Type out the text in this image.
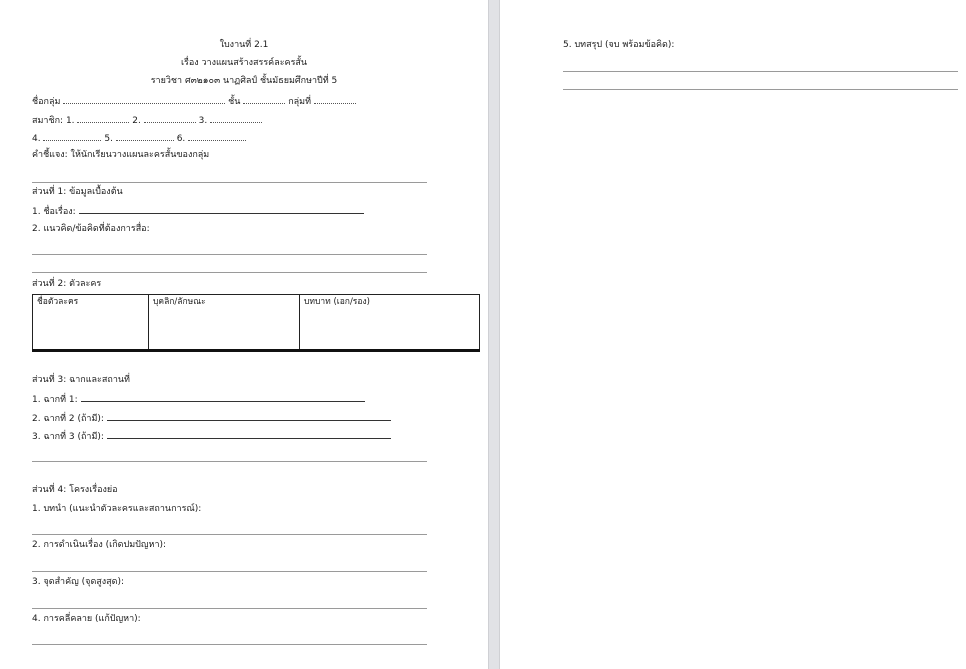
ใบงานที่ 2.1
เรื่อง วางแผนสร้างสรรค์ละครสั้น
รายวิชา ศ๓๒๑๐๓ นาฏศิลป์ ชั้นมัธยมศึกษาปีที่ 5
ชื่อกลุ่ม	ชั้น	กลุ่มที่
สมาชิก: 1.	2.	3.
4.	5.	6.
คำชี้แจง: ให้นักเรียนวางแผนละครสั้นของกลุ่ม
ส่วนที่ 1: ข้อมูลเบื้องต้น
1. ชื่อเรื่อง:
2. แนวคิด/ข้อคิดที่ต้องการสื่อ:
ส่วนที่ 2: ตัวละคร
ชื่อตัวละคร	บุคลิก/ลักษณะ	บทบาท (เอก/รอง)
ส่วนที่ 3: ฉากและสถานที่
1. ฉากที่ 1:
2. ฉากที่ 2 (ถ้ามี):
3. ฉากที่ 3 (ถ้ามี):
ส่วนที่ 4: โครงเรื่องย่อ
1. บทนำ (แนะนำตัวละครและสถานการณ์):
2. การดำเนินเรื่อง (เกิดปมปัญหา):
3. จุดสำคัญ (จุดสูงสุด):
4. การคลี่คลาย (แก้ปัญหา):
5. บทสรุป (จบ พร้อมข้อคิด):
